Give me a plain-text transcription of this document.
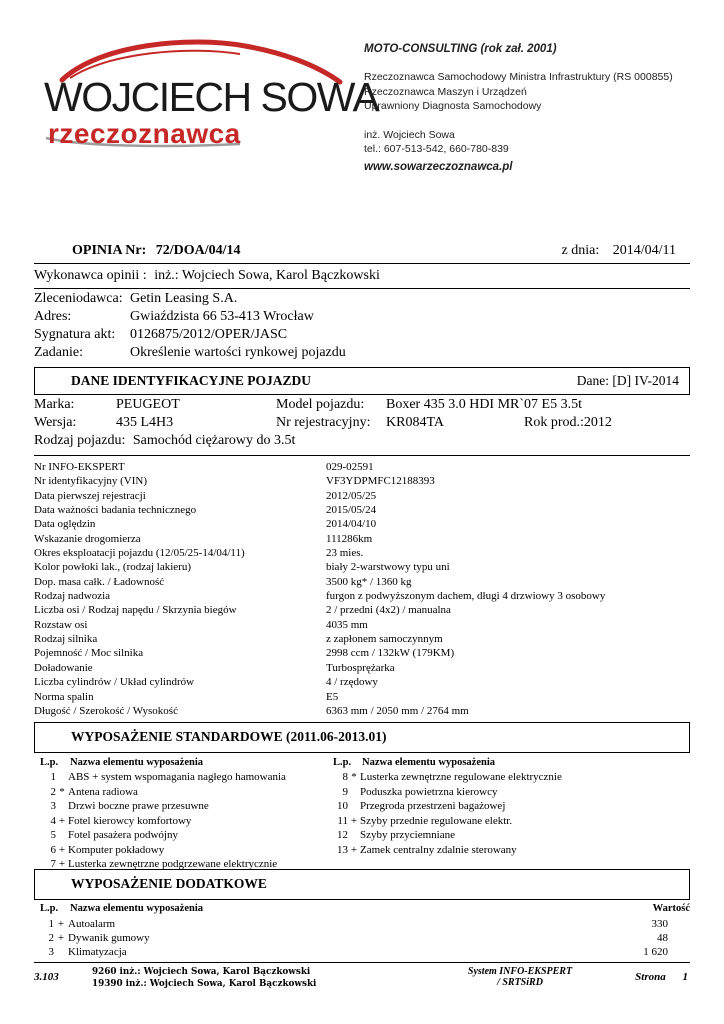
WOJCIECH SOWA
rzeczoznawca
MOTO-CONSULTING (rok zał. 2001)
Rzeczoznawca Samochodowy Ministra Infrastruktury (RS 000855)
Rzeczoznawca Maszyn i Urządzeń
Uprawniony Diagnosta Samochodowy
inż. Wojciech Sowa
tel.: 607-513-542, 660-780-839
www.sowarzeczoznawca.pl
OPINIA Nr: 72/DOA/04/14	z dnia: 2014/04/11
Wykonawca opinii : inż.: Wojciech Sowa, Karol Bączkowski
Zleceniodawca: Getin Leasing S.A.
Adres:	Gwiaździsta 66 53-413 Wrocław
Sygnatura akt: 0126875/2012/OPER/JASC
Zadanie:	Określenie wartości rynkowej pojazdu
DANE IDENTYFIKACYJNE POJAZDU	Dane: [D] IV-2014
Marka:	PEUGEOT	Model pojazdu: Boxer 435 3.0 HDI MR`07 E5 3.5t
Wersja:	435 L4H3	Nr rejestracyjny: KR084TA	Rok prod.:2012
Rodzaj pojazdu: Samochód ciężarowy do 3.5t
Nr INFO-EKSPERT	029-02591
Nr identyfikacyjny (VIN)	VF3YDPMFC12188393
Data pierwszej rejestracji	2012/05/25
Data ważności badania technicznego	2015/05/24
Data oględzin	2014/04/10
Wskazanie drogomierza	111286km
Okres eksploatacji pojazdu (12/05/25-14/04/11)	23 mies.
Kolor powłoki lak., (rodzaj lakieru)	biały 2-warstwowy typu uni
Dop. masa całk. / Ładowność	3500 kg* / 1360 kg
Rodzaj nadwozia	furgon z podwyższonym dachem, długi 4 drzwiowy 3 osobowy
Liczba osi / Rodzaj napędu / Skrzynia biegów	2 / przedni (4x2) / manualna
Rozstaw osi	4035 mm
Rodzaj silnika	z zapłonem samoczynnym
Pojemność / Moc silnika	2998 ccm / 132kW (179KM)
Doładowanie	Turbosprężarka
Liczba cylindrów / Układ cylindrów	4 / rzędowy
Norma spalin	E5
Długość / Szerokość / Wysokość	6363 mm / 2050 mm / 2764 mm
WYPOSAŻENIE STANDARDOWE (2011.06-2013.01)
L.p. Nazwa elementu wyposażenia	L.p. Nazwa elementu wyposażenia
1 ABS + system wspomagania nagłego hamowania
2 * Antena radiowa
3 Drzwi boczne prawe przesuwne
4 + Fotel kierowcy komfortowy
5 Fotel pasażera podwójny
6 + Komputer pokładowy
7 + Lusterka zewnętrzne podgrzewane elektrycznie
8 * Lusterka zewnętrzne regulowane elektrycznie
9 Poduszka powietrzna kierowcy
10 Przegroda przestrzeni bagażowej
11 + Szyby przednie regulowane elektr.
12 Szyby przyciemniane
13 + Zamek centralny zdalnie sterowany
WYPOSAŻENIE DODATKOWE
L.p. Nazwa elementu wyposażenia	Wartość
1 + Autoalarm	330
2 + Dywanik gumowy	48
3 Klimatyzacja	1 620
3.103	9260 inż.: Wojciech Sowa, Karol Bączkowski
19390 inż.: Wojciech Sowa, Karol Bączkowski
System INFO-EKSPERT
/ SRTSiRD	Strona 1
